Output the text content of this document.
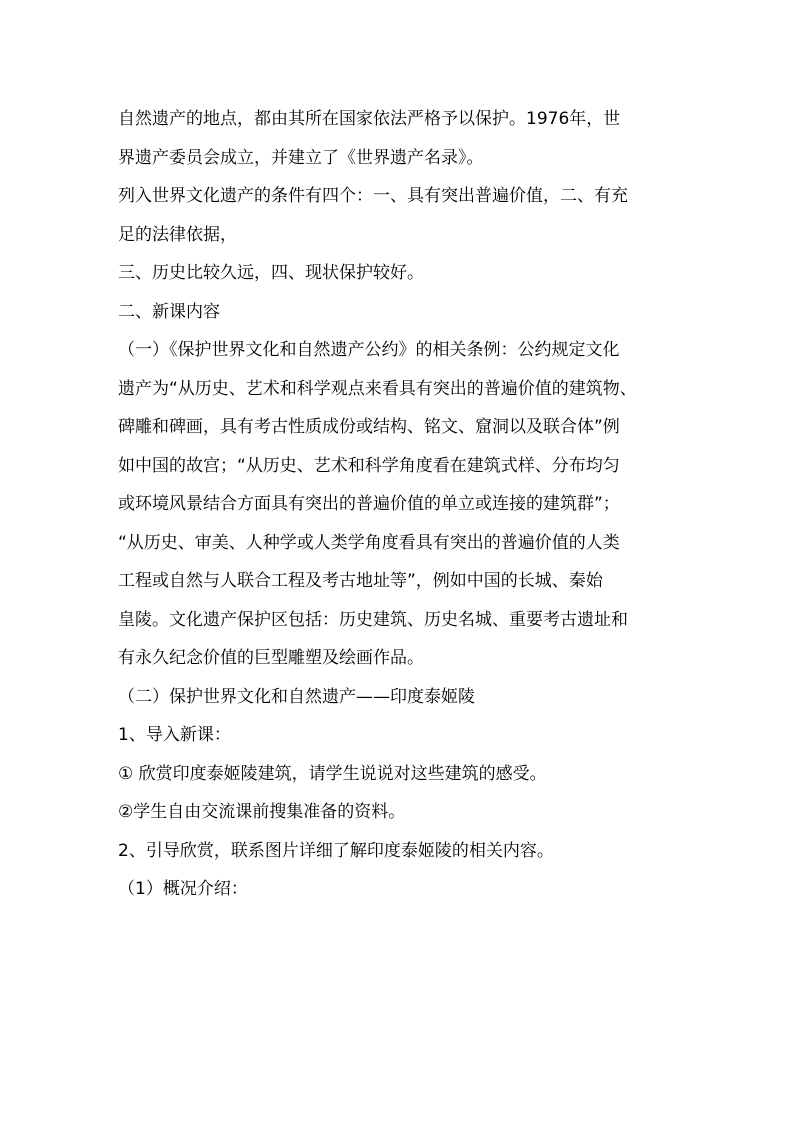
自然遗产的地点，都由其所在国家依法严格予以保护。1976年，世
界遗产委员会成立，并建立了《世界遗产名录》。
列入世界文化遗产的条件有四个：一、具有突出普遍价值，二、有充
足的法律依据，
三、历史比较久远，四、现状保护较好。
二、新课内容
（一）《保护世界文化和自然遗产公约》的相关条例：公约规定文化
遗产为“从历史、艺术和科学观点来看具有突出的普遍价值的建筑物、
碑雕和碑画，具有考古性质成份或结构、铭文、窟洞以及联合体”例
如中国的故宫；“从历史、艺术和科学角度看在建筑式样、分布均匀
或环境风景结合方面具有突出的普遍价值的单立或连接的建筑群”；
“从历史、审美、人种学或人类学角度看具有突出的普遍价值的人类
工程或自然与人联合工程及考古地址等”，例如中国的长城、秦始
皇陵。文化遗产保护区包括：历史建筑、历史名城、重要考古遗址和
有永久纪念价值的巨型雕塑及绘画作品。
（二）保护世界文化和自然遗产——印度泰姬陵
1、导入新课：
① 欣赏印度泰姬陵建筑，请学生说说对这些建筑的感受。
②学生自由交流课前搜集准备的资料。
2、引导欣赏，联系图片详细了解印度泰姬陵的相关内容。
（1）概况介绍：
